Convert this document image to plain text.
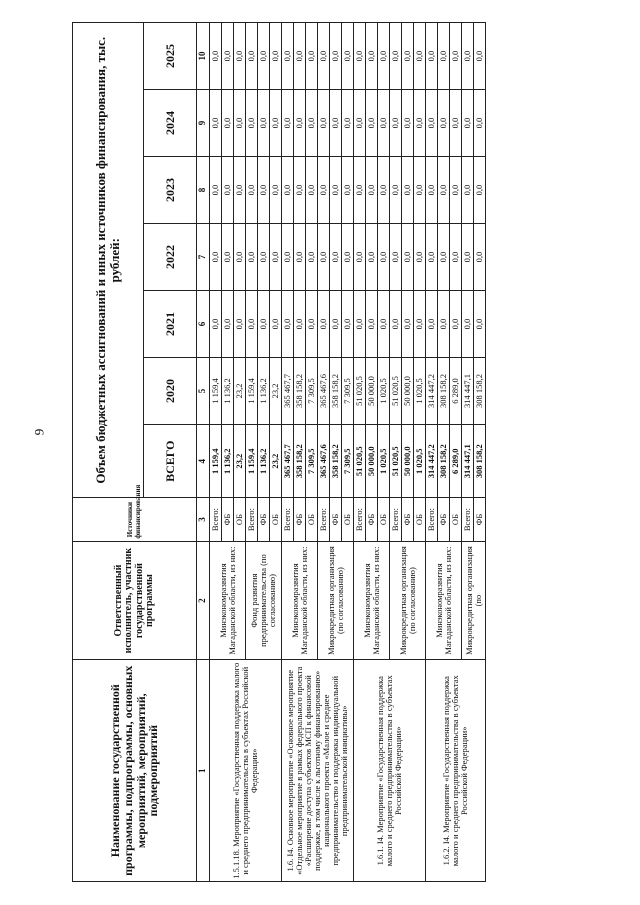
9
Наименование государственной программы, подпрограммы, основных мероприятий, мероприятий, подмероприятий	Ответственный исполнитель, участник государственной программы	Источники финансирования	Объем бюджетных ассигнований и иных источников финансирования, тыс. рублей:						
			ВСЕГО	2020	2021	2022	2023	2024	2025
1	2	3	4	5	6	7	8	9	10
1.5.1.18. Мероприятие «Государственная поддержка малого и среднего предпринимательства в субъектах Российской Федерации»	Минэкономразвития Магаданской области, из них:	Всего:	1 159,4	1 159,4	0,0	0,0	0,0	0,0	0,0
		ФБ	1 136,2	1 136,2	0,0	0,0	0,0	0,0	0,0
		ОБ	23,2	23,2	0,0	0,0	0,0	0,0	0,0
	Фонд развития предпринимательства (по согласованию)	Всего:	1 159,4	1 159,4	0,0	0,0	0,0	0,0	0,0
		ФБ	1 136,2	1 136,2	0,0	0,0	0,0	0,0	0,0
		ОБ	23,2	23,2	0,0	0,0	0,0	0,0	0,0
1.6. I4. Основное мероприятие «Основное мероприятие «Отдельное мероприятие в рамках федерального проекта «Расширение доступа субъектов МСП к финансовой поддержке, в том числе к льготному финансированию» национального проекта «Малое и среднее предпринимательство и поддержка индивидуальной предпринимательской инициативы»	Минэкономразвития Магаданской области, из них:	Всего:	365 467,7	365 467,7	0,0	0,0	0,0	0,0	0,0
		ФБ	358 158,2	358 158,2	0,0	0,0	0,0	0,0	0,0
		ОБ	7 309,5	7 309,5	0,0	0,0	0,0	0,0	0,0
	Микрокредитная организация (по согласованию)	Всего:	365 467,6	365 467,6	0,0	0,0	0,0	0,0	0,0
		ФБ	358 158,2	358 158,2	0,0	0,0	0,0	0,0	0,0
		ОБ	7 309,5	7 309,5	0,0	0,0	0,0	0,0	0,0
1.6.1. I4. Мероприятие «Государственная поддержка малого и среднего предпринимательства в субъектах Российской Федерации»	Минэкономразвития Магаданской области, из них:	Всего:	51 020,5	51 020,5	0,0	0,0	0,0	0,0	0,0
		ФБ	50 000,0	50 000,0	0,0	0,0	0,0	0,0	0,0
		ОБ	1 020,5	1 020,5	0,0	0,0	0,0	0,0	0,0
	Микрокредитная организация (по согласованию)	Всего:	51 020,5	51 020,5	0,0	0,0	0,0	0,0	0,0
		ФБ	50 000,0	50 000,0	0,0	0,0	0,0	0,0	0,0
		ОБ	1 020,5	1 020,5	0,0	0,0	0,0	0,0	0,0
1.6.2. I4. Мероприятие «Государственная поддержка малого и среднего предпринимательства в субъектах Российской Федерации»	Минэкономразвития Магаданской области, из них:	Всего:	314 447,2	314 447,2	0,0	0,0	0,0	0,0	0,0
		ФБ	308 158,2	308 158,2	0,0	0,0	0,0	0,0	0,0
		ОБ	6 289,0	6 289,0	0,0	0,0	0,0	0,0	0,0
	Микрокредитная организация (по	Всего:	314 447,1	314 447,1	0,0	0,0	0,0	0,0	0,0
		ФБ	308 158,2	308 158,2	0,0	0,0	0,0	0,0	0,0
